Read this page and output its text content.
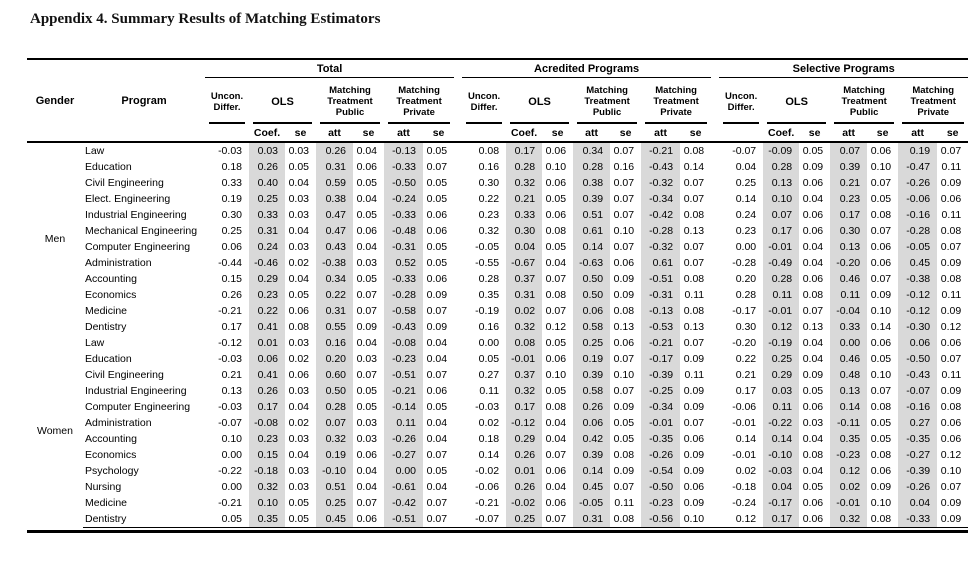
Appendix 4. Summary Results of Matching Estimators
Gender	Program	Total								Acredited Programs								Selective Programs						

		Uncon.
Differ.	OLS		Matching
Treatment
Public		Matching
Treatment
Private			Uncon.
Differ.	OLS		Matching
Treatment
Public		Matching
Treatment
Private			Uncon.
Differ.	OLS		Matching
Treatment
Public		Matching
Treatment
Private	

			Coef.	se	att	se	att	se			Coef.	se	att	se	att	se			Coef.	se	att	se	att	se
Men	Law	-0.03	0.03	0.03	0.26	0.04	-0.13	0.05		0.08	0.17	0.06	0.34	0.07	-0.21	0.08		-0.07	-0.09	0.05	0.07	0.06	0.19	0.07
	Education	0.18	0.26	0.05	0.31	0.06	-0.33	0.07		0.16	0.28	0.10	0.28	0.16	-0.43	0.14		0.04	0.28	0.09	0.39	0.10	-0.47	0.11
	Civil Engineering	0.33	0.40	0.04	0.59	0.05	-0.50	0.05		0.30	0.32	0.06	0.38	0.07	-0.32	0.07		0.25	0.13	0.06	0.21	0.07	-0.26	0.09
	Elect. Engineering	0.19	0.25	0.03	0.38	0.04	-0.24	0.05		0.22	0.21	0.05	0.39	0.07	-0.34	0.07		0.14	0.10	0.04	0.23	0.05	-0.06	0.06
	Industrial Engineering	0.30	0.33	0.03	0.47	0.05	-0.33	0.06		0.23	0.33	0.06	0.51	0.07	-0.42	0.08		0.24	0.07	0.06	0.17	0.08	-0.16	0.11
	Mechanical Engineering	0.25	0.31	0.04	0.47	0.06	-0.48	0.06		0.32	0.30	0.08	0.61	0.10	-0.28	0.13		0.23	0.17	0.06	0.30	0.07	-0.28	0.08
	Computer Engineering	0.06	0.24	0.03	0.43	0.04	-0.31	0.05		-0.05	0.04	0.05	0.14	0.07	-0.32	0.07		0.00	-0.01	0.04	0.13	0.06	-0.05	0.07
	Administration	-0.44	-0.46	0.02	-0.38	0.03	0.52	0.05		-0.55	-0.67	0.04	-0.63	0.06	0.61	0.07		-0.28	-0.49	0.04	-0.20	0.06	0.45	0.09
	Accounting	0.15	0.29	0.04	0.34	0.05	-0.33	0.06		0.28	0.37	0.07	0.50	0.09	-0.51	0.08		0.20	0.28	0.06	0.46	0.07	-0.38	0.08
	Economics	0.26	0.23	0.05	0.22	0.07	-0.28	0.09		0.35	0.31	0.08	0.50	0.09	-0.31	0.11		0.28	0.11	0.08	0.11	0.09	-0.12	0.11
	Medicine	-0.21	0.22	0.06	0.31	0.07	-0.58	0.07		-0.19	0.02	0.07	0.06	0.08	-0.13	0.08		-0.17	-0.01	0.07	-0.04	0.10	-0.12	0.09
	Dentistry	0.17	0.41	0.08	0.55	0.09	-0.43	0.09		0.16	0.32	0.12	0.58	0.13	-0.53	0.13		0.30	0.12	0.13	0.33	0.14	-0.30	0.12
Women	Law	-0.12	0.01	0.03	0.16	0.04	-0.08	0.04		0.00	0.08	0.05	0.25	0.06	-0.21	0.07		-0.20	-0.19	0.04	0.00	0.06	0.06	0.06
	Education	-0.03	0.06	0.02	0.20	0.03	-0.23	0.04		0.05	-0.01	0.06	0.19	0.07	-0.17	0.09		0.22	0.25	0.04	0.46	0.05	-0.50	0.07
	Civil Engineering	0.21	0.41	0.06	0.60	0.07	-0.51	0.07		0.27	0.37	0.10	0.39	0.10	-0.39	0.11		0.21	0.29	0.09	0.48	0.10	-0.43	0.11
	Industrial Engineering	0.13	0.26	0.03	0.50	0.05	-0.21	0.06		0.11	0.32	0.05	0.58	0.07	-0.25	0.09		0.17	0.03	0.05	0.13	0.07	-0.07	0.09
	Computer Engineering	-0.03	0.17	0.04	0.28	0.05	-0.14	0.05		-0.03	0.17	0.08	0.26	0.09	-0.34	0.09		-0.06	0.11	0.06	0.14	0.08	-0.16	0.08
	Administration	-0.07	-0.08	0.02	0.07	0.03	0.11	0.04		0.02	-0.12	0.04	0.06	0.05	-0.01	0.07		-0.01	-0.22	0.03	-0.11	0.05	0.27	0.06
	Accounting	0.10	0.23	0.03	0.32	0.03	-0.26	0.04		0.18	0.29	0.04	0.42	0.05	-0.35	0.06		0.14	0.14	0.04	0.35	0.05	-0.35	0.06
	Economics	0.00	0.15	0.04	0.19	0.06	-0.27	0.07		0.14	0.26	0.07	0.39	0.08	-0.26	0.09		-0.01	-0.10	0.08	-0.23	0.08	-0.27	0.12
	Psychology	-0.22	-0.18	0.03	-0.10	0.04	0.00	0.05		-0.02	0.01	0.06	0.14	0.09	-0.54	0.09		0.02	-0.03	0.04	0.12	0.06	-0.39	0.10
	Nursing	0.00	0.32	0.03	0.51	0.04	-0.61	0.04		-0.06	0.26	0.04	0.45	0.07	-0.50	0.06		-0.18	0.04	0.05	0.02	0.09	-0.26	0.07
	Medicine	-0.21	0.10	0.05	0.25	0.07	-0.42	0.07		-0.21	-0.02	0.06	-0.05	0.11	-0.23	0.09		-0.24	-0.17	0.06	-0.01	0.10	0.04	0.09
	Dentistry	0.05	0.35	0.05	0.45	0.06	-0.51	0.07		-0.07	0.25	0.07	0.31	0.08	-0.56	0.10		0.12	0.17	0.06	0.32	0.08	-0.33	0.09
